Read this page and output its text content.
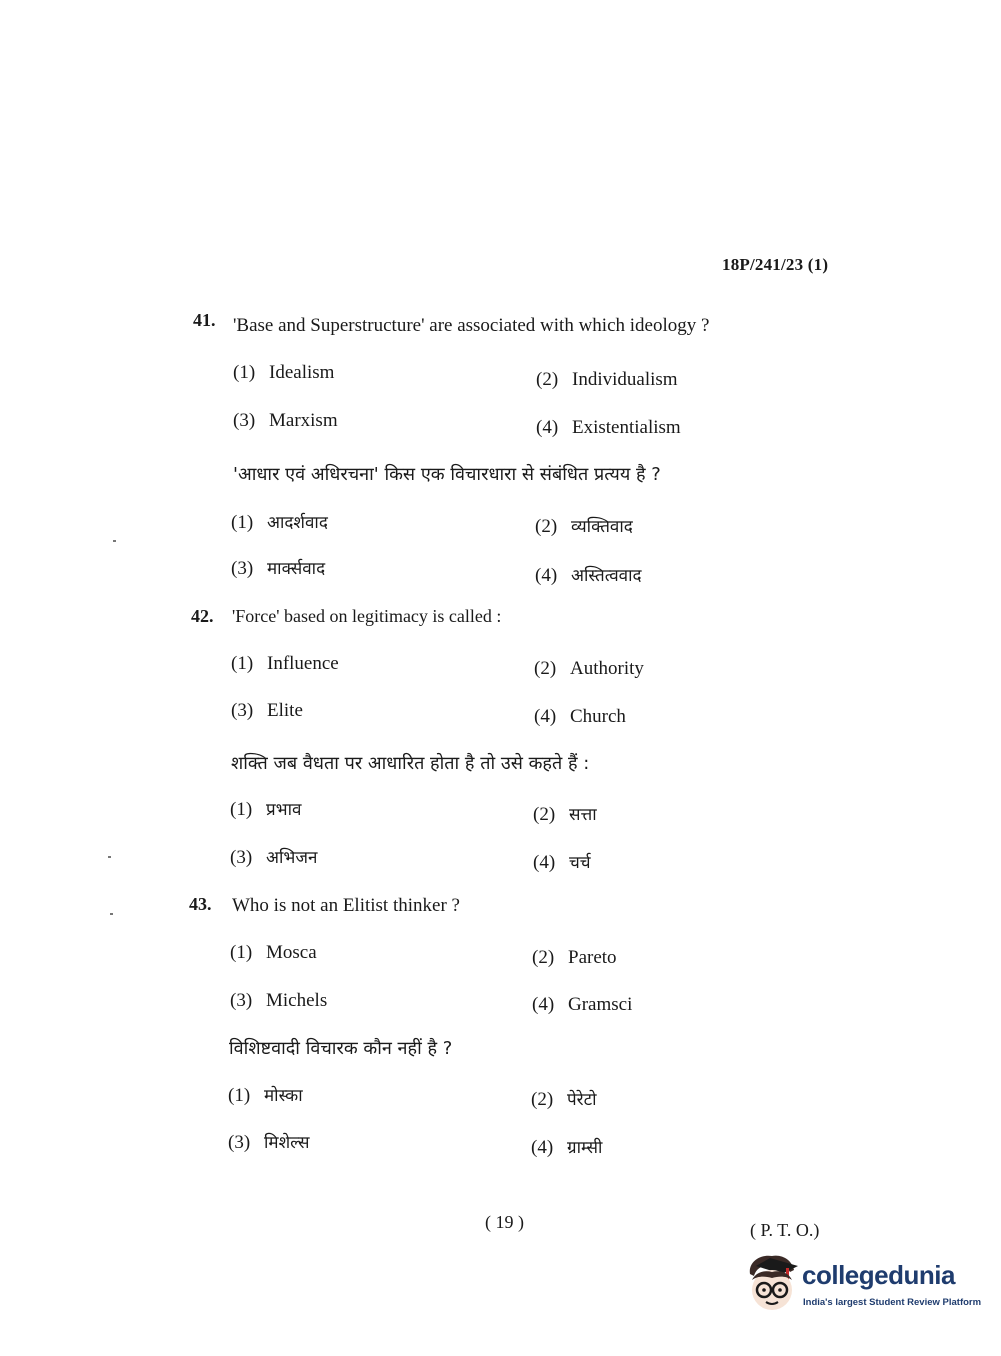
18P/241/23 (1)
41. 'Base and Superstructure' are associated with which ideology ?
(1) Idealism	(2) Individualism
(3) Marxism	(4) Existentialism
'आधार एवं अधिरचना' किस एक विचारधारा से संबंधित प्रत्यय है ?
(1) आदर्शवाद	(2) व्यक्तिवाद
(3) मार्क्सवाद	(4) अस्तित्ववाद
42. 'Force' based on legitimacy is called :
(1) Influence	(2) Authority
(3) Elite	(4) Church
शक्ति जब वैधता पर आधारित होता है तो उसे कहते हैं :
(1) प्रभाव	(2) सत्ता
(3) अभिजन	(4) चर्च
43. Who is not an Elitist thinker ?
(1) Mosca	(2) Pareto
(3) Michels	(4) Gramsci
विशिष्टवादी विचारक कौन नहीं है ?
(1) मोस्का	(2) पेरेटो
(3) मिशेल्स	(4) ग्राम्सी
( 19 )	( P. T. O.)
collegedunia
India's largest Student Review Platform
